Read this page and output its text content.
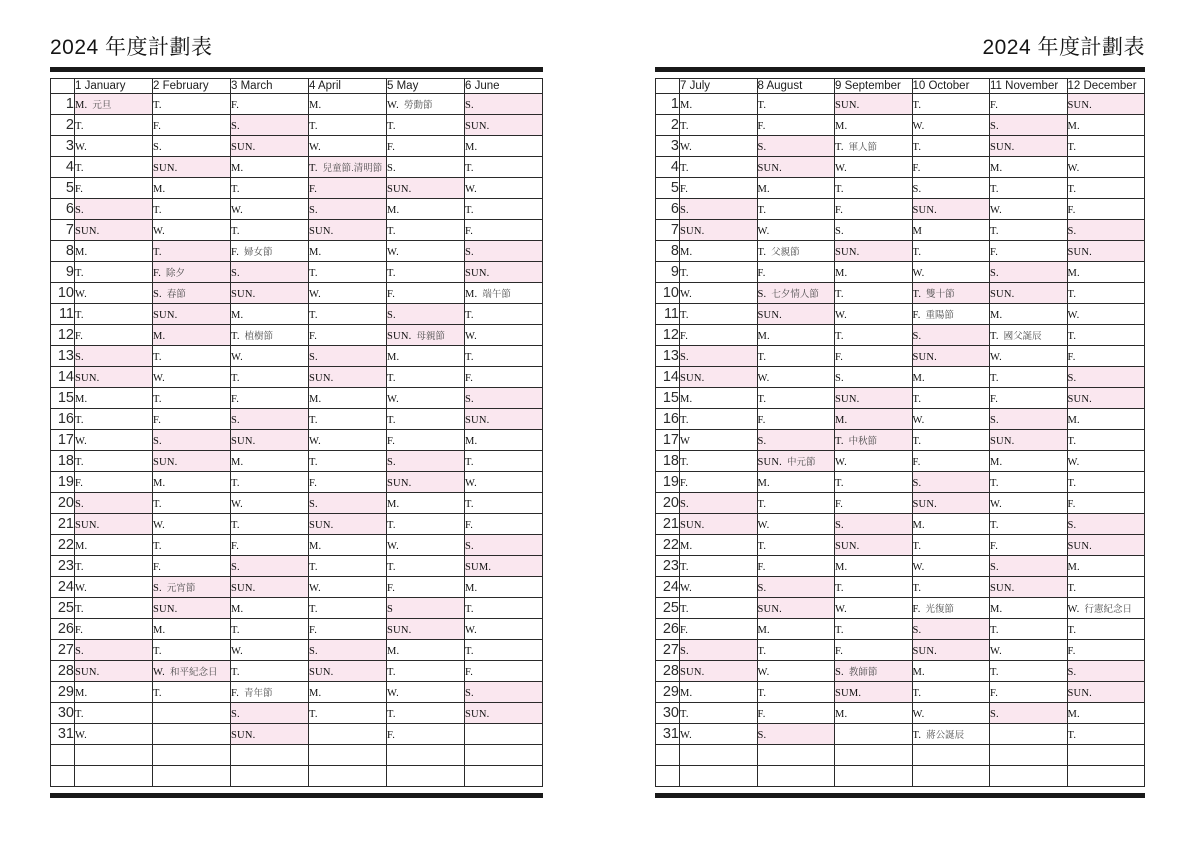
2024 年度計劃表
	1 January	2 February	3 March	4 April	5 May	6 June
1	M. 元旦	T.	F.	M.	W. 勞動節	S.
2	T.	F.	S.	T.	T.	SUN.
3	W.	S.	SUN.	W.	F.	M.
4	T.	SUN.	M.	T. 兒童節.清明節	S.	T.
5	F.	M.	T.	F.	SUN.	W.
6	S.	T.	W.	S.	M.	T.
7	SUN.	W.	T.	SUN.	T.	F.
8	M.	T.	F. 婦女節	M.	W.	S.
9	T.	F. 除夕	S.	T.	T.	SUN.
10	W.	S. 春節	SUN.	W.	F.	M. 端午節
11	T.	SUN.	M.	T.	S.	T.
12	F.	M.	T. 植樹節	F.	SUN. 母親節	W.
13	S.	T.	W.	S.	M.	T.
14	SUN.	W.	T.	SUN.	T.	F.
15	M.	T.	F.	M.	W.	S.
16	T.	F.	S.	T.	T.	SUN.
17	W.	S.	SUN.	W.	F.	M.
18	T.	SUN.	M.	T.	S.	T.
19	F.	M.	T.	F.	SUN.	W.
20	S.	T.	W.	S.	M.	T.
21	SUN.	W.	T.	SUN.	T.	F.
22	M.	T.	F.	M.	W.	S.
23	T.	F.	S.	T.	T.	SUM.
24	W.	S. 元宵節	SUN.	W.	F.	M.
25	T.	SUN.	M.	T.	S	T.
26	F.	M.	T.	F.	SUN.	W.
27	S.	T.	W.	S.	M.	T.
28	SUN.	W. 和平紀念日	T.	SUN.	T.	F.
29	M.	T.	F. 青年節	M.	W.	S.
30	T.		S.	T.	T.	SUN.
31	W.		SUN.		F.	

2024 年度計劃表
	7 July	8 August	9 September	10 October	11 November	12 December
1	M.	T.	SUN.	T.	F.	SUN.
2	T.	F.	M.	W.	S.	M.
3	W.	S.	T. 軍人節	T.	SUN.	T.
4	T.	SUN.	W.	F.	M.	W.
5	F.	M.	T.	S.	T.	T.
6	S.	T.	F.	SUN.	W.	F.
7	SUN.	W.	S.	M	T.	S.
8	M.	T. 父親節	SUN.	T.	F.	SUN.
9	T.	F.	M.	W.	S.	M.
10	W.	S. 七夕情人節	T.	T. 雙十節	SUN.	T.
11	T.	SUN.	W.	F. 重陽節	M.	W.
12	F.	M.	T.	S.	T. 國父誕辰	T.
13	S.	T.	F.	SUN.	W.	F.
14	SUN.	W.	S.	M.	T.	S.
15	M.	T.	SUN.	T.	F.	SUN.
16	T.	F.	M.	W.	S.	M.
17	W	S.	T. 中秋節	T.	SUN.	T.
18	T.	SUN. 中元節	W.	F.	M.	W.
19	F.	M.	T.	S.	T.	T.
20	S.	T.	F.	SUN.	W.	F.
21	SUN.	W.	S.	M.	T.	S.
22	M.	T.	SUN.	T.	F.	SUN.
23	T.	F.	M.	W.	S.	M.
24	W.	S.	T.	T.	SUN.	T.
25	T.	SUN.	W.	F. 光復節	M.	W. 行憲紀念日
26	F.	M.	T.	S.	T.	T.
27	S.	T.	F.	SUN.	W.	F.
28	SUN.	W.	S. 教師節	M.	T.	S.
29	M.	T.	SUM.	T.	F.	SUN.
30	T.	F.	M.	W.	S.	M.
31	W.	S.		T. 蔣公誕辰		T.
